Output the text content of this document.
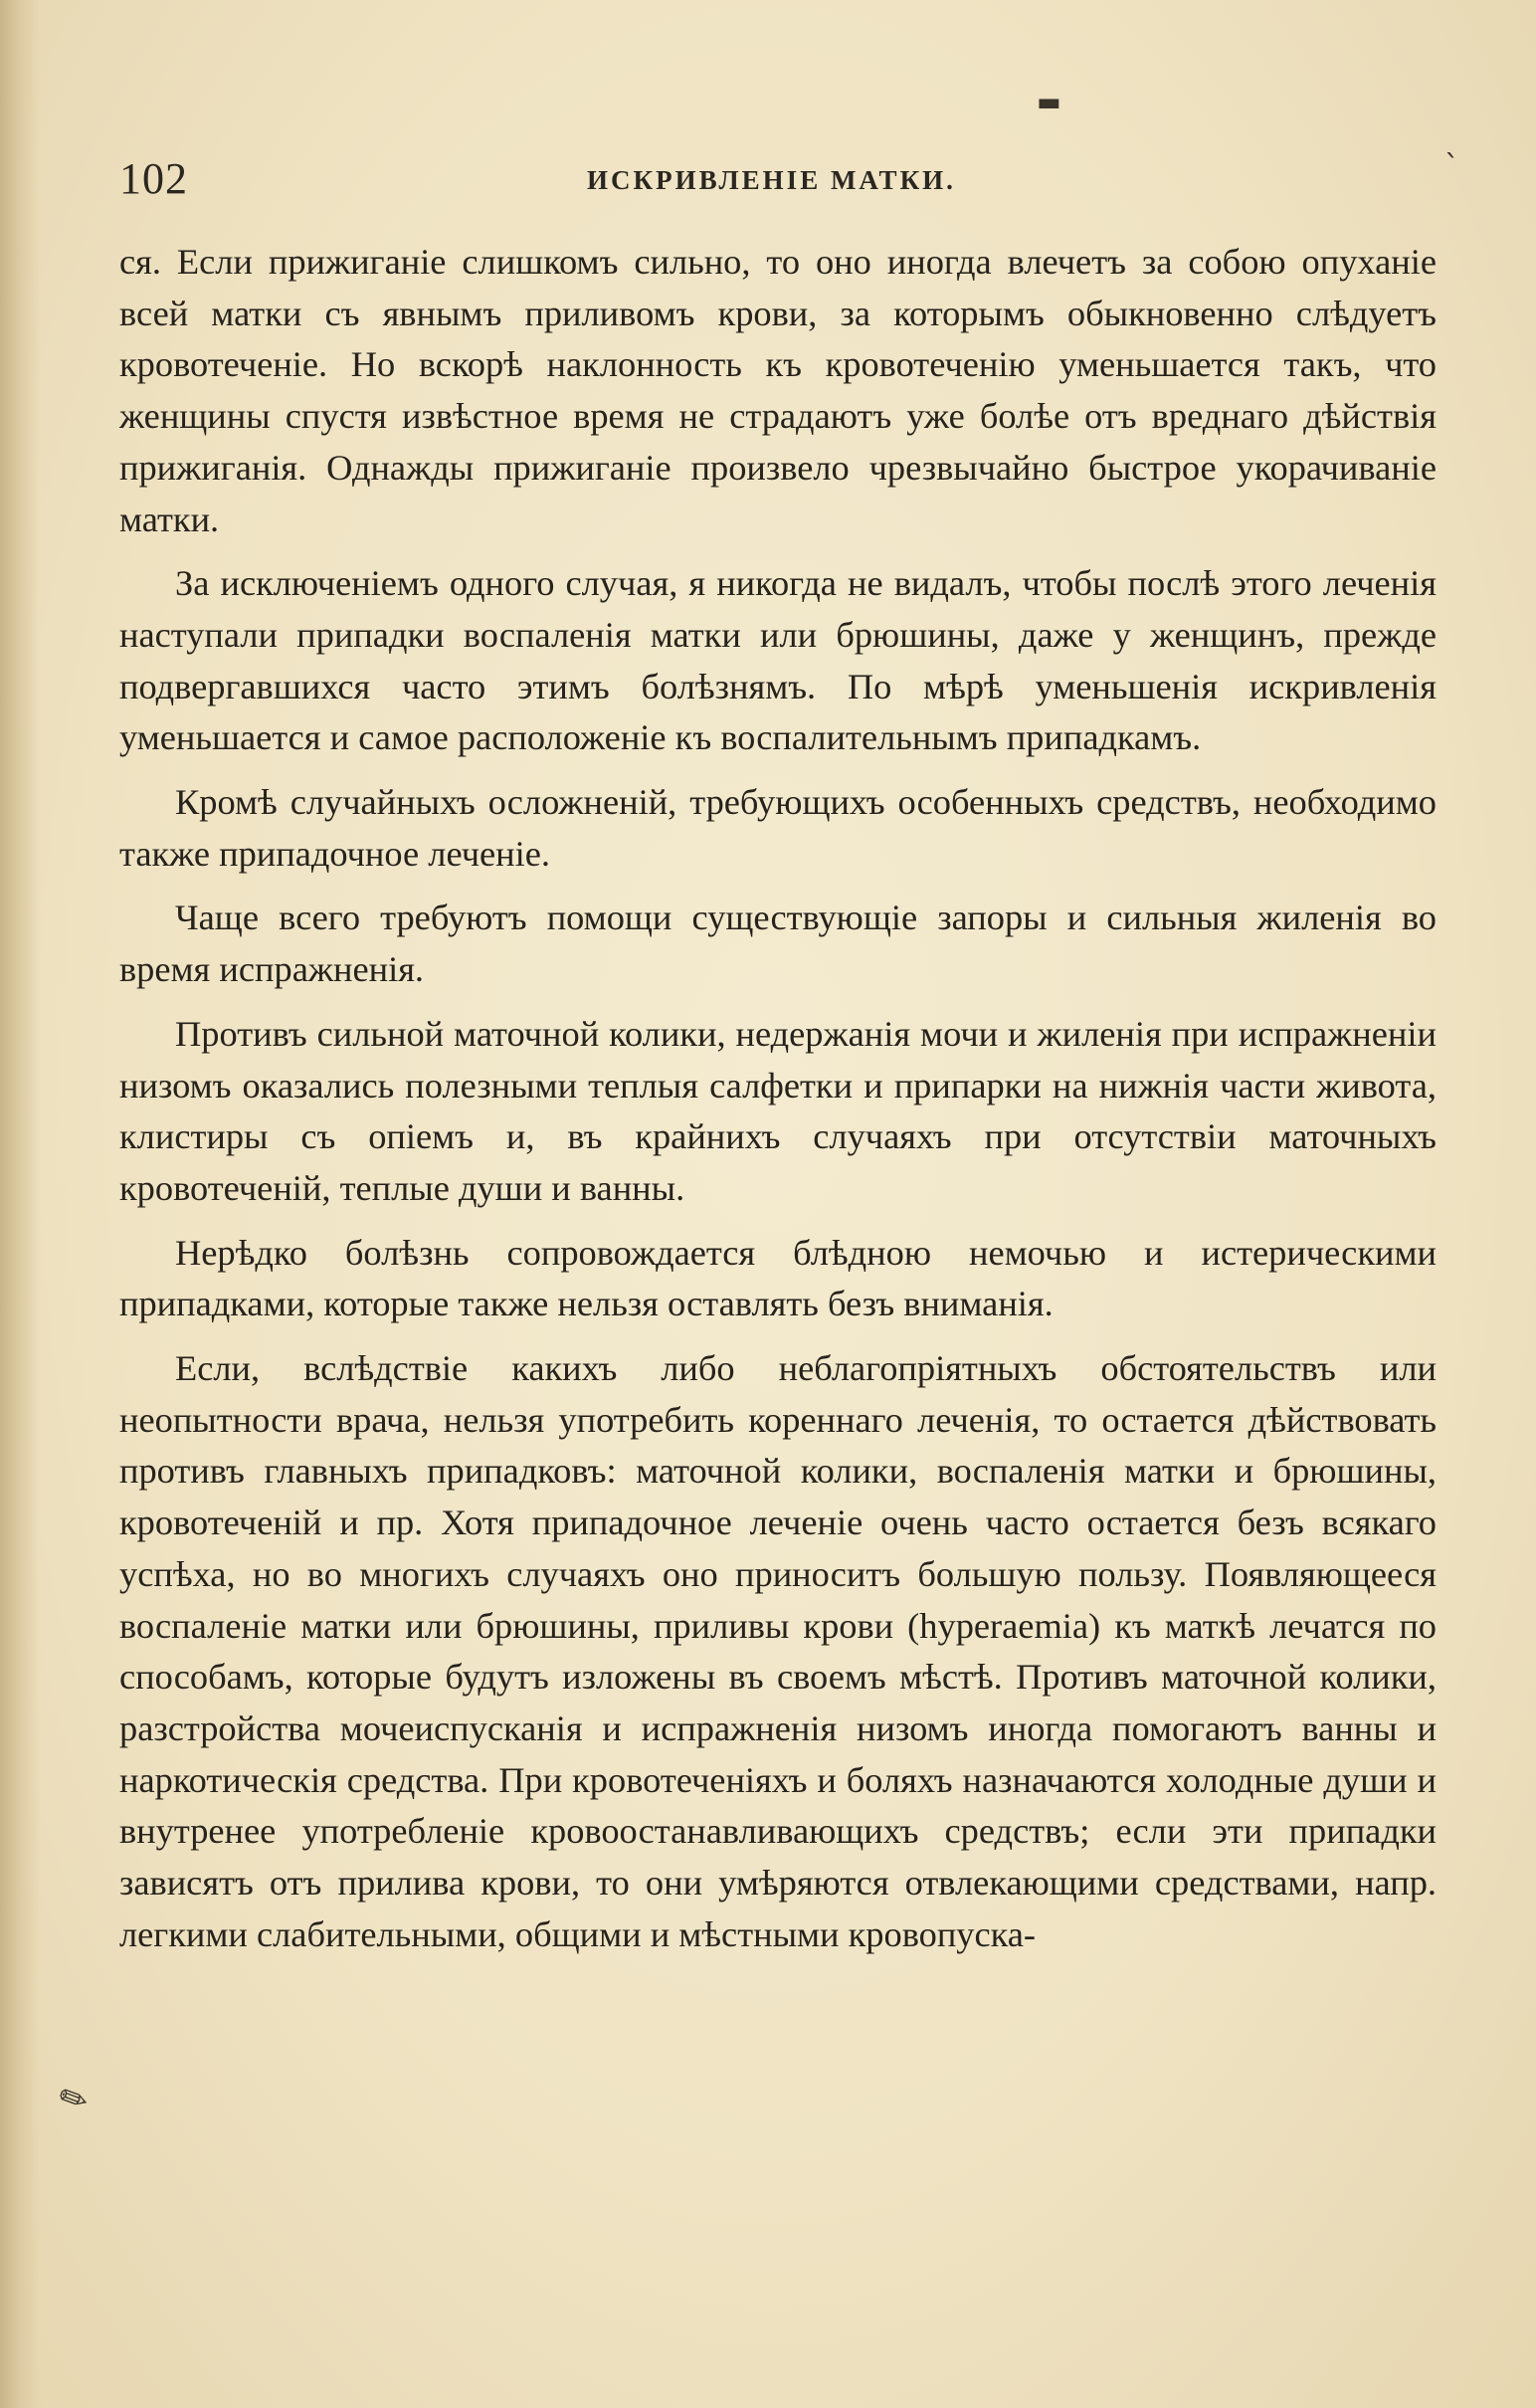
102	ИСКРИВЛЕНІЕ МАТКИ.

ся. Если прижиганіе слишкомъ сильно, то оно иногда влечетъ за собою опуханіе всей матки съ явнымъ приливомъ крови, за которымъ обыкновенно слѣдуетъ кровотеченіе. Но вскорѣ наклонность къ кровотеченію уменьшается такъ, что женщины спустя извѣстное время не страдаютъ уже болѣе отъ вреднаго дѣйствія прижиганія. Однажды прижиганіе произвело чрезвычайно быстрое укорачиваніе матки.

За исключеніемъ одного случая, я никогда не видалъ, чтобы послѣ этого леченія наступали припадки воспаленія матки или брюшины, даже у женщинъ, прежде подвергавшихся часто этимъ болѣзнямъ. По мѣрѣ уменьшенія искривленія уменьшается и самое расположеніе къ воспалительнымъ припадкамъ.

Кромѣ случайныхъ осложненій, требующихъ особенныхъ средствъ, необходимо также припадочное леченіе.

Чаще всего требуютъ помощи существующіе запоры и сильныя жиленія во время испражненія.

Противъ сильной маточной колики, недержанія мочи и жиленія при испражненіи низомъ оказались полезными теплыя салфетки и припарки на нижнія части живота, клистиры съ опіемъ и, въ крайнихъ случаяхъ при отсутствіи маточныхъ кровотеченій, теплые души и ванны.

Нерѣдко болѣзнь сопровождается блѣдною немочью и истерическими припадками, которые также нельзя оставлять безъ вниманія.

Если, вслѣдствіе какихъ либо неблагопріятныхъ обстоятельствъ или неопытности врача, нельзя употребить кореннаго леченія, то остается дѣйствовать противъ главныхъ припадковъ: маточной колики, воспаленія матки и брюшины, кровотеченій и пр. Хотя припадочное леченіе очень часто остается безъ всякаго успѣха, но во многихъ случаяхъ оно приноситъ большую пользу. Появляющееся воспаленіе матки или брюшины, приливы крови (hyperaemia) къ маткѣ лечатся по способамъ, которые будутъ изложены въ своемъ мѣстѣ. Противъ маточной колики, разстройства мочеиспусканія и испражненія низомъ иногда помогаютъ ванны и наркотическія средства. При кровотеченіяхъ и боляхъ назначаются холодные души и внутренее употребленіе кровоостанавливающихъ средствъ; если эти припадки зависятъ отъ прилива крови, то они умѣряются отвлекающими средствами, напр. легкими слабительными, общими и мѣстными кровопуска-

▬
ˋ
✎
